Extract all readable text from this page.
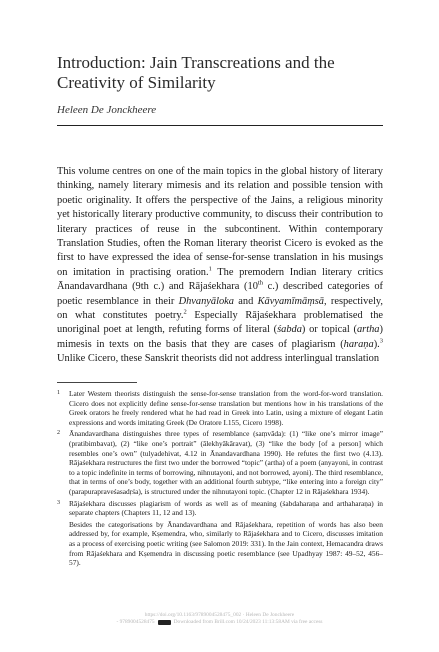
Introduction: Jain Transcreations and the Creativity of Similarity
Heleen De Jonckheere

This volume centres on one of the main topics in the global history of literary thinking, namely literary mimesis and its relation and possible tension with poetic originality. It offers the perspective of the Jains, a religious minority yet historically literary productive community, to discuss their contribution to literary practices of reuse in the subcontinent. Within contemporary Translation Studies, often the Roman literary theorist Cicero is evoked as the first to have expressed the idea of sense-for-sense translation in his musings on imitation in practising oration.$^1$ The premodern Indian literary critics Ānandavardhana (9th c.) and Rājaśekhara (10th c.) described categories of poetic resemblance in their Dhvanyāloka and Kāvyamīmāṃsā, respectively, on what constitutes poetry.$^2$ Especially Rājaśekhara problematised the unoriginal poet at length, refuting forms of literal (śabda) or topical (artha) mimesis in texts on the basis that they are cases of plagiarism (haraṇa).$^3$ Unlike Cicero, these Sanskrit theorists did not address interlingual translation

1 Later Western theorists distinguish the sense-for-sense translation from the word-for-word translation. Cicero does not explicitly define sense-for-sense translation but mentions how in his translations of the Greek orators he freely rendered what he had read in Greek into Latin, using a mixture of elegant Latin expressions and words imitating Greek (De Oratore I.155, Cicero 1998).
2 Ānandavardhana distinguishes three types of resemblance (saṃvāda): (1) “like one’s mirror image” (pratibimbavat), (2) “like one’s portrait” (ālekhyākāravat), (3) “like the body [of a person] which resembles one’s own” (tulyadehivat, 4.12 in Ānandavardhana 1990). He refutes the first two (4.13). Rājaśekhara restructures the first two under the borrowed “topic” (artha) of a poem (anyayoni, in contrast to a topic indefinite in terms of borrowing, nihnutayoni, and not borrowed, ayoni). The third resemblance, that in terms of one’s body, together with an additional fourth subtype, “like entering into a foreign city” (parapurapraveśasadṛśa), is structured under the nihnutayoni topic. (Chapter 12 in Rājaśekhara 1934).
3 Rājaśekhara discusses plagiarism of words as well as of meaning (śabdaharaṇa and arthaharaṇa) in separate chapters (Chapters 11, 12 and 13).
Besides the categorisations by Ānandavardhana and Rājaśekhara, repetition of words has also been addressed by, for example, Kṣemendra, who, similarly to Rājaśekhara and to Cicero, discusses imitation as a process of exercising poetic writing (see Salomon 2019: 331). In the Jain context, Hemacandra draws from Rājaśekhara and Kṣemendra in discussing poetic resemblance (see Upadhyay 1987: 49–52, 456–57).
https://doi.org/10.1163/9789004528475_002 · Heleen De Jonckheere
- 9789004528475	Downloaded from Brill.com 10/24/2023 11:13:58AM via free access
